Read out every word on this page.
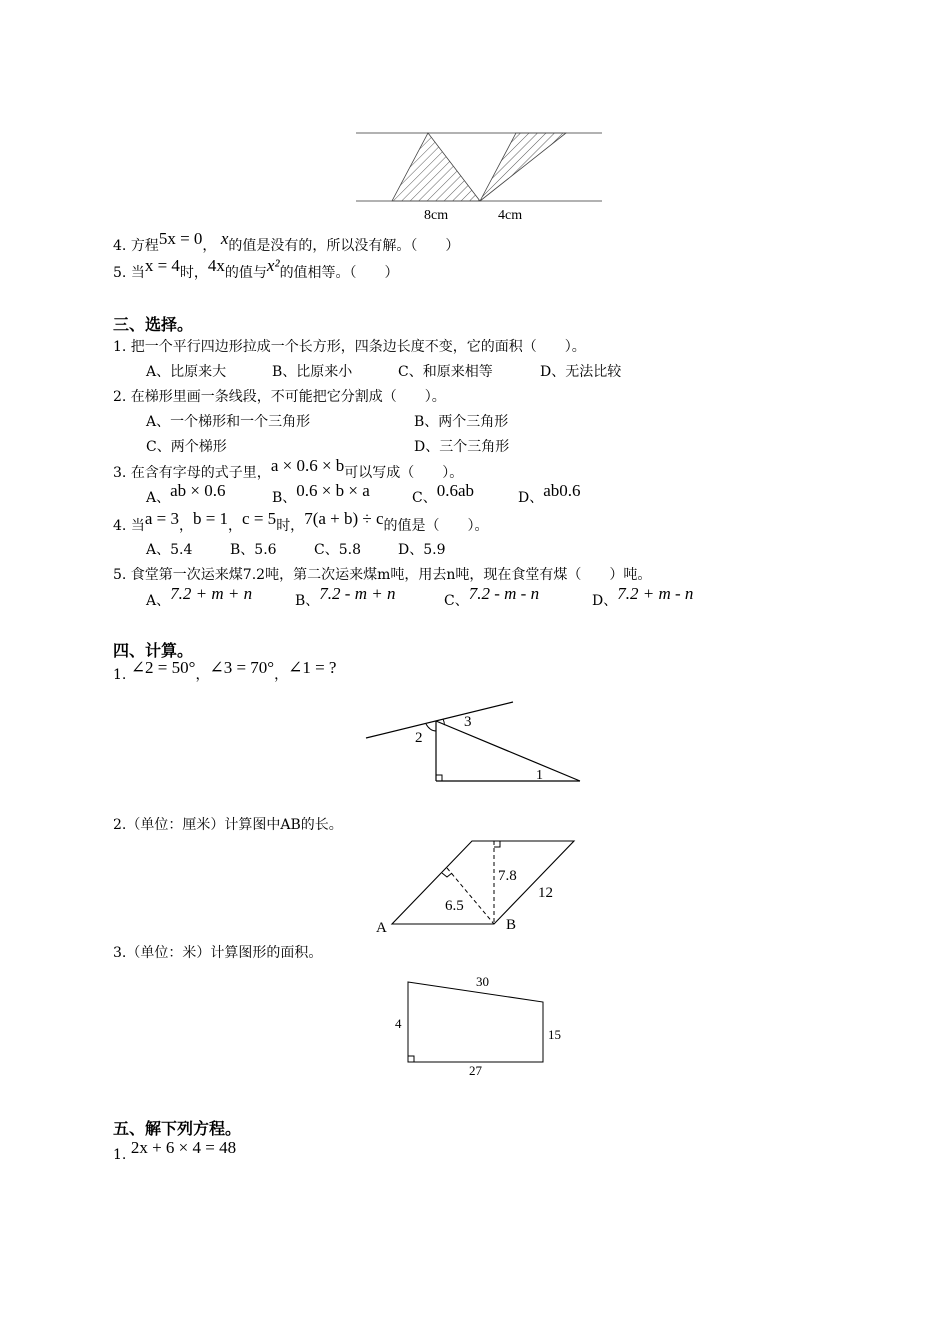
8cm	4cm
4. 方程5x = 0， x的值是没有的，所以没有解。（　　）
5. 当x = 4时，4x的值与x²的值相等。（　　）
三、选择。
1. 把一个平行四边形拉成一个长方形，四条边长度不变，它的面积（　　）。
A、比原来大	B、比原来小	C、和原来相等	D、无法比较
2. 在梯形里画一条线段，不可能把它分割成（　　）。
A、一个梯形和一个三角形	B、两个三角形
C、两个梯形	D、三个三角形
3. 在含有字母的式子里，a × 0.6 × b可以写成（　　）。
A、ab × 0.6	B、0.6 × b × a	C、0.6ab	D、ab0.6
4. 当a = 3，b = 1，c = 5时，7(a + b) ÷ c的值是（　　）。
A、5.4	B、5.6	C、5.8	D、5.9
5. 食堂第一次运来煤7.2吨，第二次运来煤m吨，用去n吨，现在食堂有煤（　　）吨。
A、7.2 + m + n	B、7.2 - m + n	C、7.2 - m - n	D、7.2 + m - n
四、计算。
1. ∠2 = 50°，∠3 = 70°，∠1 = ?
1
2
3
2.（单位：厘米）计算图中AB的长。
7.8
12
6.5
A	B
3.（单位：米）计算图形的面积。
30
4
15
27
五、解下列方程。
1. 2x + 6 × 4 = 48
